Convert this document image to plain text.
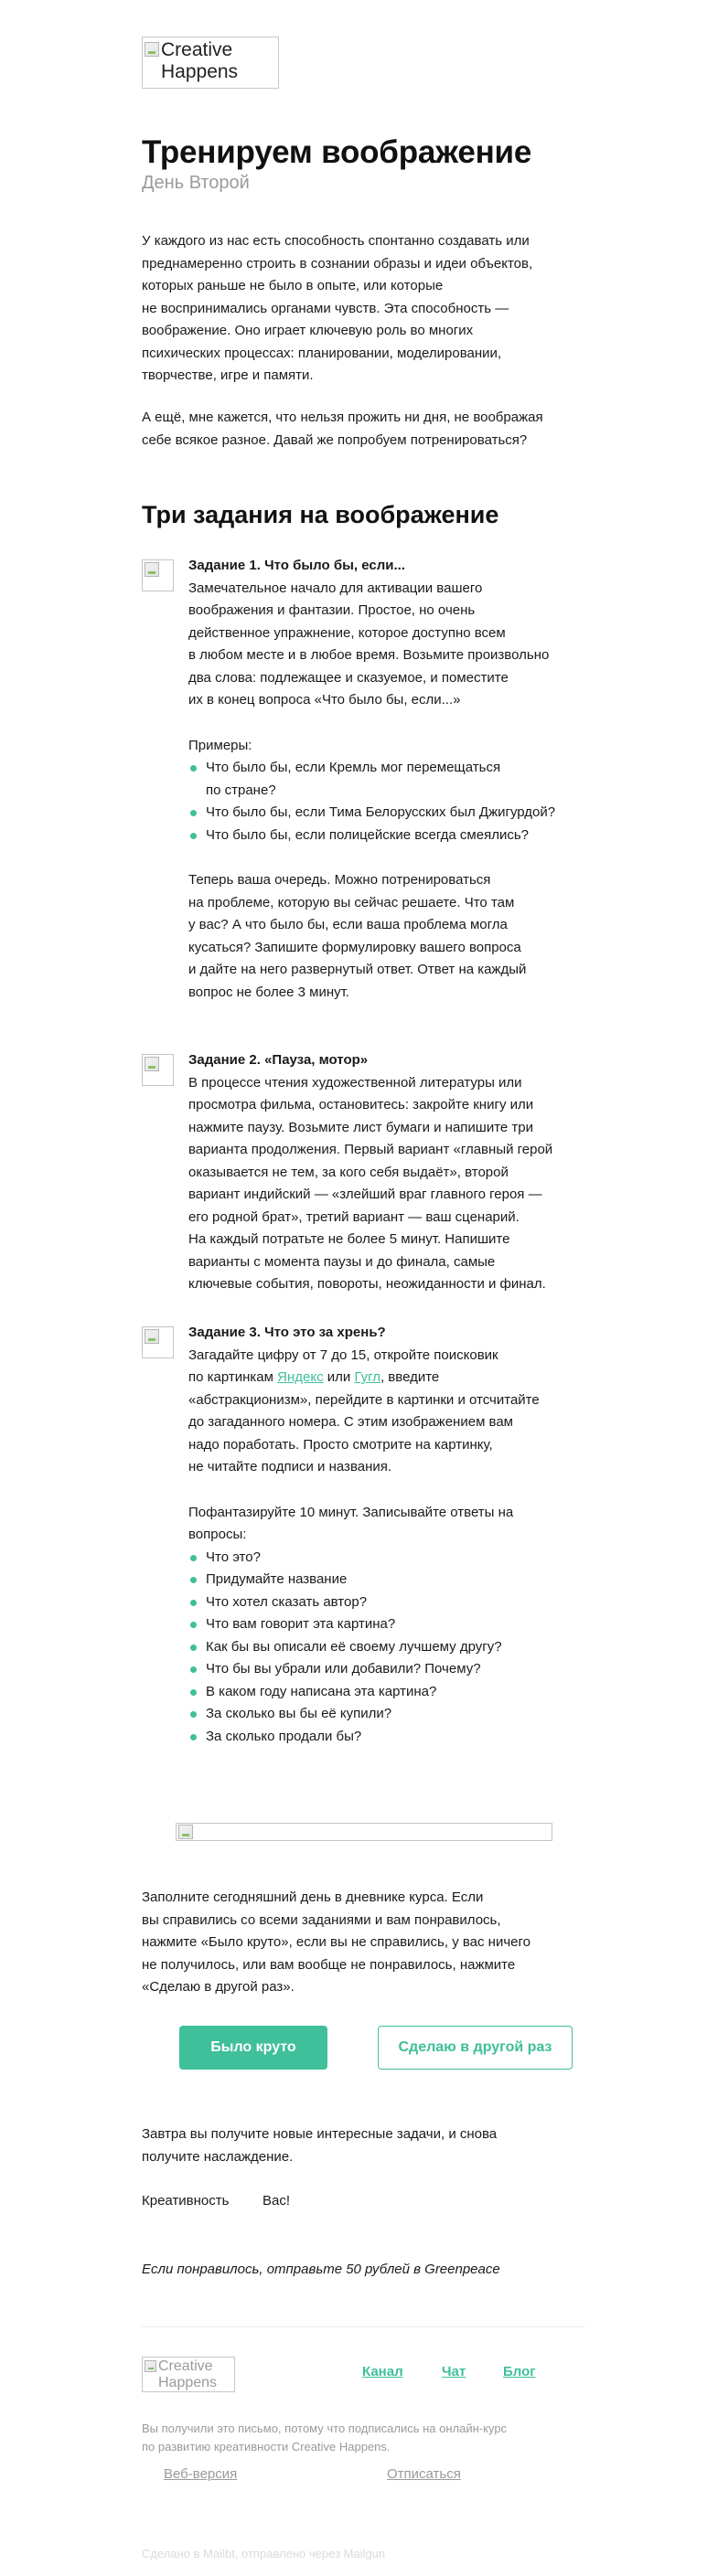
Creative Happens
Тренируем воображение
День Второй
У каждого из нас есть способность спонтанно создавать или
преднамеренно строить в сознании образы и идеи объектов,
которых раньше не было в опыте, или которые
не воспринимались органами чувств. Эта способность —
воображение. Оно играет ключевую роль во многих
психических процессах: планировании, моделировании,
творчестве, игре и памяти.
А ещё, мне кажется, что нельзя прожить ни дня, не воображая
себе всякое разное. Давай же попробуем потренироваться?
Три задания на воображение

Задание 1. Что было бы, если...

Замечательное начало для активации вашего

воображения и фантазии. Простое, но очень

действенное упражнение, которое доступно всем

в любом месте и в любое время. Возьмите произвольно

два слова: подлежащее и сказуемое, и поместите

их в конец вопроса «Что было бы, если...»

Примеры:

Что было бы, если Кремль мог перемещаться
по стране?
Что было бы, если Тима Белорусских был Джигурдой?
Что было бы, если полицейские всегда смеялись?

Теперь ваша очередь. Можно потренироваться

на проблеме, которую вы сейчас решаете. Что там

у вас? А что было бы, если ваша проблема могла

кусаться? Запишите формулировку вашего вопроса

и дайте на него развернутый ответ. Ответ на каждый

вопрос не более 3 минут.

Задание 2. «Пауза, мотор»

В процессе чтения художественной литературы или

просмотра фильма, остановитесь: закройте книгу или

нажмите паузу. Возьмите лист бумаги и напишите три

варианта продолжения. Первый вариант «главный герой

оказывается не тем, за кого себя выдаёт», второй

вариант индийский — «злейший враг главного героя —

его родной брат», третий вариант — ваш сценарий.

На каждый потратьте не более 5 минут. Напишите

варианты с момента паузы и до финала, самые

ключевые события, повороты, неожиданности и финал.

Задание 3. Что это за хрень?

Загадайте цифру от 7 до 15, откройте поисковик

по картинкам Яндекс или Гугл, введите

«абстракционизм», перейдите в картинки и отсчитайте

до загаданного номера. С этим изображением вам

надо поработать. Просто смотрите на картинку,

не читайте подписи и названия.

Пофантазируйте 10 минут. Записывайте ответы на

вопросы:

Что это?
Придумайте название
Что хотел сказать автор?
Что вам говорит эта картина?
Как бы вы описали её своему лучшему другу?
Что бы вы убрали или добавили? Почему?
В каком году написана эта картина?
За сколько вы бы её купили?
За сколько продали бы?
Заполните сегодняшний день в дневнике курса. Если
вы справились со всеми заданиями и вам понравилось,
нажмите «Было круто», если вы не справились, у вас ничего
не получилось, или вам вообще не понравилось, нажмите
«Сделаю в другой раз».
Было круто	Сделаю в другой раз
Завтра вы получите новые интересные задачи, и снова
получите наслаждение.
Креативность Вас!
Если понравилось, отправьте 50 рублей в Greenpeace
Creative Happens
Канал	Чат	Блог
Вы получили это письмо, потому что подписались на онлайн-курс
по развитию креативности Creative Happens.
Веб-версия	Отписаться
Сделано в Mailbt, отправлено через Mailgun
